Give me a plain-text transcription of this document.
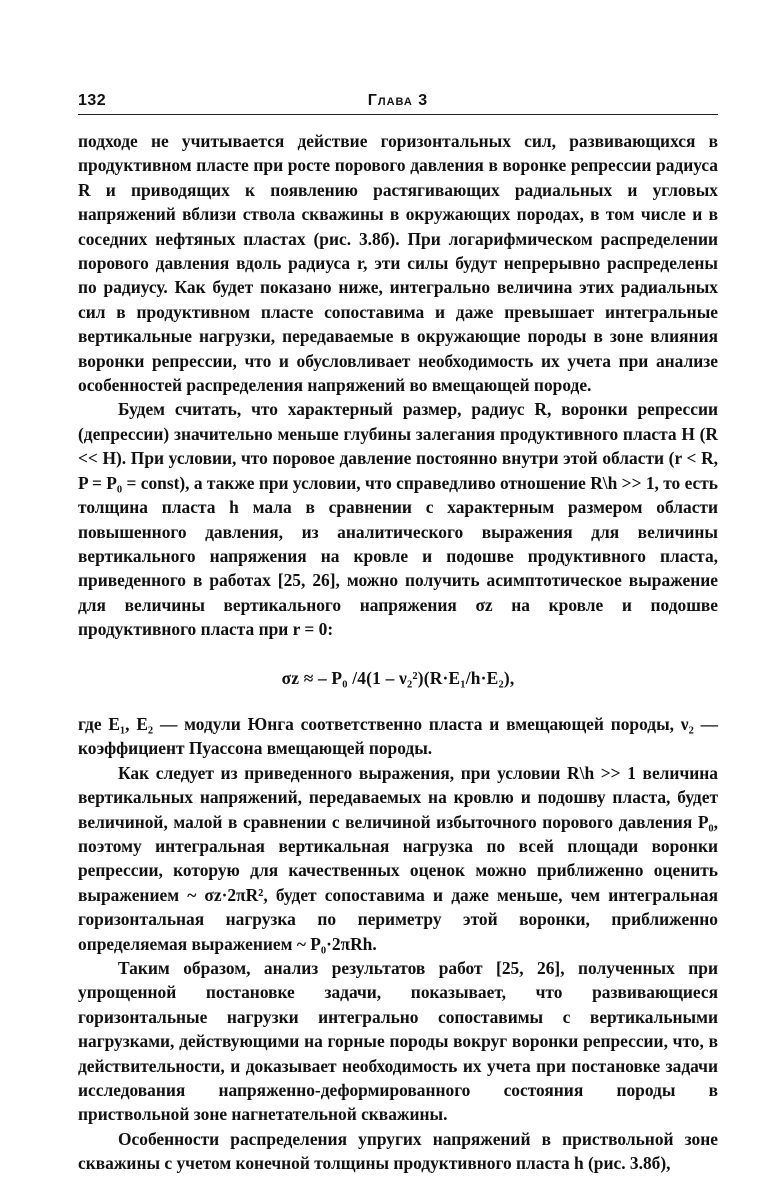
132	Глава 3

подходе не учитывается действие горизонтальных сил, развивающихся в продуктивном пласте при росте порового давления в воронке репрессии радиуса R и приводящих к появлению растягивающих радиальных и угловых напряжений вблизи ствола скважины в окружающих породах, в том числе и в соседних нефтяных пластах (рис. 3.8б). При логарифмическом распределении порового давления вдоль радиуса r, эти силы будут непрерывно распределены по радиусу. Как будет показано ниже, интегрально величина этих радиальных сил в продуктивном пласте сопоставима и даже превышает интегральные вертикальные нагрузки, передаваемые в окружающие породы в зоне влияния воронки репрессии, что и обусловливает необходимость их учета при анализе особенностей распределения напряжений во вмещающей породе.

Будем считать, что характерный размер, радиус R, воронки репрессии (депрессии) значительно меньше глубины залегания продуктивного пласта H (R << H). При условии, что поровое давление постоянно внутри этой области (r < R, P = P₀ = const), а также при условии, что справедливо отношение R\h >> 1, то есть толщина пласта h мала в сравнении с характерным размером области повышенного давления, из аналитического выражения для величины вертикального напряжения на кровле и подошве продуктивного пласта, приведенного в работах [25, 26], можно получить асимптотическое выражение для величины вертикального напряжения σz на кровле и подошве продуктивного пласта при r = 0:

σz ≈ – P₀ /4(1 – ν₂²)(R·E₁/h·E₂),

где E₁, E₂ — модули Юнга соответственно пласта и вмещающей породы, ν₂ — коэффициент Пуассона вмещающей породы.

Как следует из приведенного выражения, при условии R\h >> 1 величина вертикальных напряжений, передаваемых на кровлю и подошву пласта, будет величиной, малой в сравнении с величиной избыточного порового давления P₀, поэтому интегральная вертикальная нагрузка по всей площади воронки репрессии, которую для качественных оценок можно приближенно оценить выражением ~ σz·2πR², будет сопоставима и даже меньше, чем интегральная горизонтальная нагрузка по периметру этой воронки, приближенно определяемая выражением ~ P₀·2πRh.

Таким образом, анализ результатов работ [25, 26], полученных при упрощенной постановке задачи, показывает, что развивающиеся горизонтальные нагрузки интегрально сопоставимы с вертикальными нагрузками, действующими на горные породы вокруг воронки репрессии, что, в действительности, и доказывает необходимость их учета при постановке задачи исследования напряженно-деформированного состояния породы в приствольной зоне нагнетательной скважины.

Особенности распределения упругих напряжений в приствольной зоне скважины с учетом конечной толщины продуктивного пласта h (рис. 3.8б),
